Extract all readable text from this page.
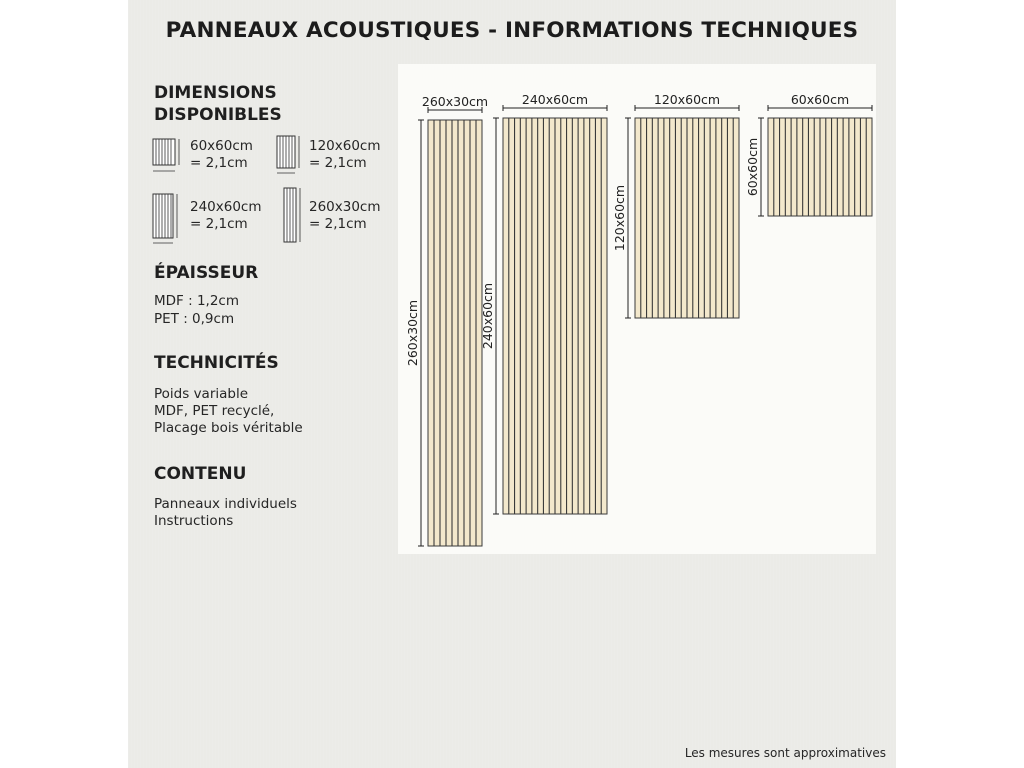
PANNEAUX ACOUSTIQUES - INFORMATIONS TECHNIQUES
DIMENSIONS
DISPONIBLES
60x60cm
= 2,1cm
120x60cm
= 2,1cm
240x60cm
= 2,1cm
260x30cm
= 2,1cm
ÉPAISSEUR
MDF : 1,2cm
PET : 0,9cm
TECHNICITÉS
Poids variable
MDF, PET recyclé,
Placage bois véritable
CONTENU
Panneaux individuels
Instructions
260x30cm
260x30cm
240x60cm
240x60cm
120x60cm
120x60cm
60x60cm
60x60cm
Les mesures sont approximatives
